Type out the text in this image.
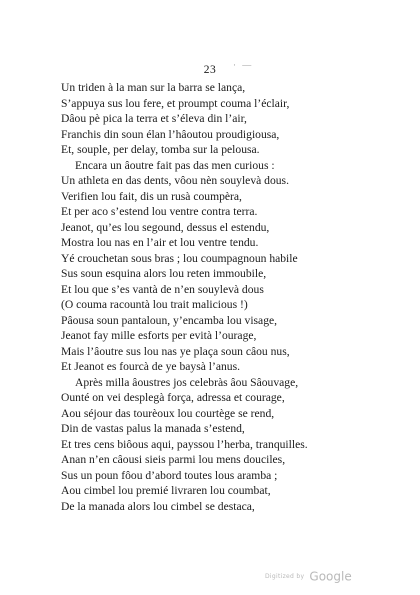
· —
23
Un triden à la man sur la barra se lança,
S’appuya sus lou fere, et proumpt couma l’éclair,
Dâou pè pica la terra et s’éleva din l’air,
Franchis din soun élan l’hâoutou proudigiousa,
Et, souple, per delay, tomba sur la pelousa.
Encara un âoutre fait pas das men curious :
Un athleta en das dents, vôou nèn souylevà dous.
Verifien lou fait, dis un rusà coumpèra,
Et per aco s’estend lou ventre contra terra.
Jeanot, qu’es lou segound, dessus el estendu,
Mostra lou nas en l’air et lou ventre tendu.
Yé crouchetan sous bras ; lou coumpagnoun habile
Sus soun esquina alors lou reten immoubile,
Et lou que s’es vantà de n’en souylevà dous
(O couma racountà lou trait malicious !)
Pâousa soun pantaloun, y’encamba lou visage,
Jeanot fay mille esforts per evità l’ourage,
Mais l’âoutre sus lou nas ye plaça soun câou nus,
Et Jeanot es fourcà de ye baysà l’anus.
Après milla âoustres jos celebràs âou Sâouvage,
Ounté on vei desplegà força, adressa et courage,
Aou séjour das tourèoux lou courtège se rend,
Din de vastas palus la manada s’estend,
Et tres cens biôous aqui, payssou l’herba, tranquilles.
Anan n’en câousi sieis parmi lou mens douciles,
Sus un poun fôou d’abord toutes lous aramba ;
Aou cimbel lou premié livraren lou coumbat,
De la manada alors lou cimbel se destaca,
Digitized by Google
